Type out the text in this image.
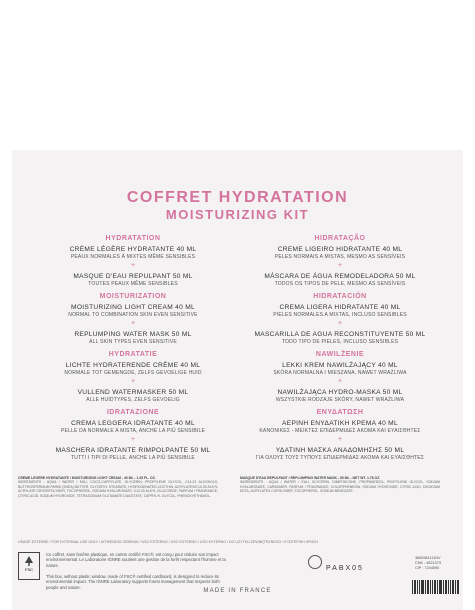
COFFRET HYDRATATION
MOISTURIZING KIT
HYDRATATION
CRÈME LÉGÈRE HYDRATANTE 40 ML
PEAUX NORMALES À MIXTES MÊME SENSIBLES
+
MASQUE D'EAU REPULPANT 50 ML
TOUTES PEAUX MÊME SENSIBLES
MOISTURIZATION
MOISTURIZING LIGHT CREAM 40 ML
NORMAL TO COMBINATION SKIN EVEN SENSITIVE
+
REPLUMPING WATER MASK 50 ML
ALL SKIN TYPES EVEN SENSITIVE
HYDRATATIE
LICHTE HYDRATERENDE CRÈME 40 ML
NORMALE TOT GEMENGDE, ZELFS GEVOELIGE HUID
+
VULLEND WATERMASKER 50 ML
ALLE HUIDTYPES, ZELFS GEVOELIG
IDRATAZIONE
CREMA LEGGERA IDRATANTE 40 ML
PELLE DA NORMALE A MISTA, ANCHE LA PIÙ SENSIBILE
+
MASCHERA IDRATANTE RIMPOLPANTE 50 ML
TUTTI I TIPI DI PELLE, ANCHE LA PIÙ SENSIBILE
HIDRATAÇÃO
CREME LIGEIRO HIDRATANTE 40 ML
PELES NORMAIS A MISTAS, MESMO AS SENSÍVEIS
+
MÁSCARA DE ÁGUA REMODELADORA 50 ML
TODOS OS TIPOS DE PELE, MESMO AS SENSÍVEIS
HIDRATACIÓN
CREMA LIGERA HIDRATANTE 40 ML
PIELES NORMALES A MIXTAS, INCLUSO SENSIBLES
+
MASCARILLA DE AGUA RECONSTITUYENTE 50 ML
TODO TIPO DE PIELES, INCLUSO SENSIBLES
NAWILŻENIE
LEKKI KREM NAWILŻAJĄCY 40 ML
SKÓRA NORMALNA I MIESZANA, NAWET WRAŻLIWA
+
NAWILŻAJĄCA HYDRO-MASKA 50 ML
WSZYSTKIE RODZAJE SKÓRY, NAWET WRAŻLIWA
ΕΝΥΔΑΤΩΣΗ
ΑΕΡΙΝΗ ΕΝΥΔΑΤΙΚΗ ΚΡΕΜΑ 40 ML
ΚΑΝΟΝΙΚΕΣ - ΜΕΙΚΤΕΣ ΕΠΙΔΕΡΜΙΔΕΣ ΑΚΟΜΑ ΚΑΙ ΕΥΑΙΣΘΗΤΕΣ
+
ΥΔΑΤΙΝΗ ΜΑΣΚΑ ΑΝΑΔΟΜΗΣΗΣ 50 ML
ΓΙΑ ΟΛΟΥΣ ΤΟΥΣ ΤΥΠΟΥΣ ΕΠΙΔΕΡΜΙΔΑΣ ΑΚΟΜΑ ΚΑΙ ΕΥΑΙΣΘΗΤΕΣ
CRÈME LÉGÈRE HYDRATANTE / MOISTURIZING LIGHT CREAM - 40 ML - 1.35 FL. OZ.
INGREDIENTS : AQUA / WATER / EAU, COCO-CAPRYLATE, GLYCERIN, PROPYLENE GLYCOL, C14-22 ALCOHOLS, BUTYROSPERMUM PARKII (SHEA) BUTTER, GLYCERYL STEARATE, HYDROGENATED LECITHIN, ACRYLATES/C10-30 ALKYL ACRYLATE CROSSPOLYMER, TOCOPHEROL, SODIUM HYALURONATE, C12-20 ALKYL GLUCOSIDE, PARFUM / FRAGRANCE, CITRIC ACID, SODIUM HYDROXIDE, TETRASODIUM GLUTAMATE DIACETATE, CAPRYLYL GLYCOL, PHENOXYETHANOL.
MASQUE D'EAU REPULPANT / REPLUMPING WATER MASK - 50 ML - NET WT. 1.76 OZ.
INGREDIENTS : AQUA / WATER / EAU, GLYCERIN, DIMETHICONE, PROPANEDIOL, PENTYLENE GLYCOL, SODIUM HYALURONATE, CARBOMER, PARFUM / FRAGRANCE, CHLORPHENESIN, SODIUM HYDROXIDE, CITRIC ACID, DISODIUM EDTA, ACRYLATES COPOLYMER, TOCOPHEROL, SODIUM BENZOATE.
USAGE EXTERNE / FOR EXTERNAL USE ONLY / UITWENDIG GEBRUIK / USO ESTERNO / USO EXTERNO / USO EXTERNO / DO UŻYTKU ZEWNĘTRZNEGO / ΕΞΩΤΕΡΙΚΗ ΧΡΗΣΗ
FSC
Ce coffret, sans fenêtre plastique, en carton certifié FSC®, est conçu pour réduire son impact environnemental. Le Laboratoire IGNRE soutient une gestion de la forêt respectant l'homme et la nature.
This box, without plastic window, made of FSC® certified cardboard, is designed to reduce its environmental impact. The IGNRE Laboratory supports forest management that respects both people and nature.
PABX05
3665381111NV
CNK : 4521373
CIP : 7244590
MADE IN FRANCE
